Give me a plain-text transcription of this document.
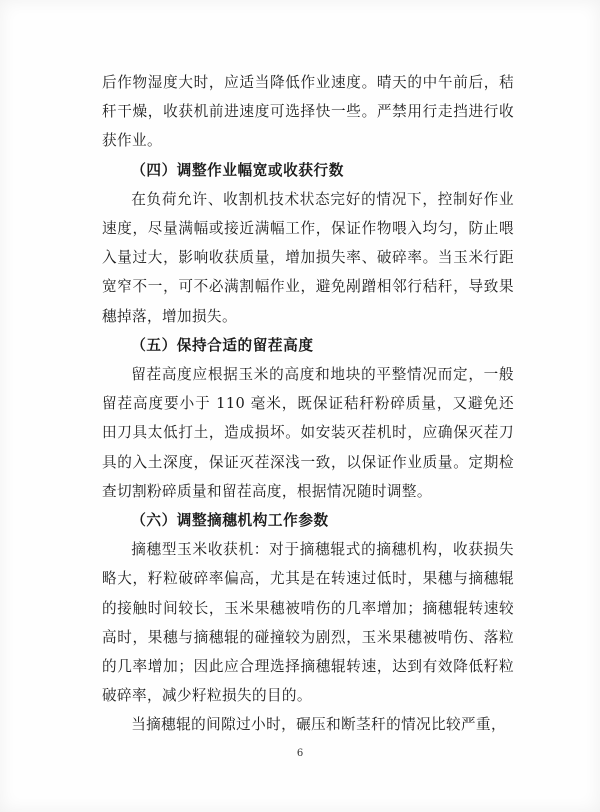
后作物湿度大时，应适当降低作业速度。晴天的中午前后，秸秆干燥，收获机前进速度可选择快一些。严禁用行走挡进行收获作业。

（四）调整作业幅宽或收获行数

在负荷允许、收割机技术状态完好的情况下，控制好作业速度，尽量满幅或接近满幅工作，保证作物喂入均匀，防止喂入量过大，影响收获质量，增加损失率、破碎率。当玉米行距宽窄不一，可不必满割幅作业，避免剐蹭相邻行秸秆，导致果穗掉落，增加损失。

（五）保持合适的留茬高度

留茬高度应根据玉米的高度和地块的平整情况而定，一般留茬高度要小于 110 毫米，既保证秸秆粉碎质量，又避免还田刀具太低打土，造成损坏。如安装灭茬机时，应确保灭茬刀具的入土深度，保证灭茬深浅一致，以保证作业质量。定期检查切割粉碎质量和留茬高度，根据情况随时调整。

（六）调整摘穗机构工作参数

摘穗型玉米收获机：对于摘穗辊式的摘穗机构，收获损失略大，籽粒破碎率偏高，尤其是在转速过低时，果穗与摘穗辊的接触时间较长，玉米果穗被啃伤的几率增加；摘穗辊转速较高时，果穗与摘穗辊的碰撞较为剧烈，玉米果穗被啃伤、落粒的几率增加；因此应合理选择摘穗辊转速，达到有效降低籽粒破碎率，减少籽粒损失的目的。

当摘穗辊的间隙过小时，碾压和断茎秆的情况比较严重，

6
